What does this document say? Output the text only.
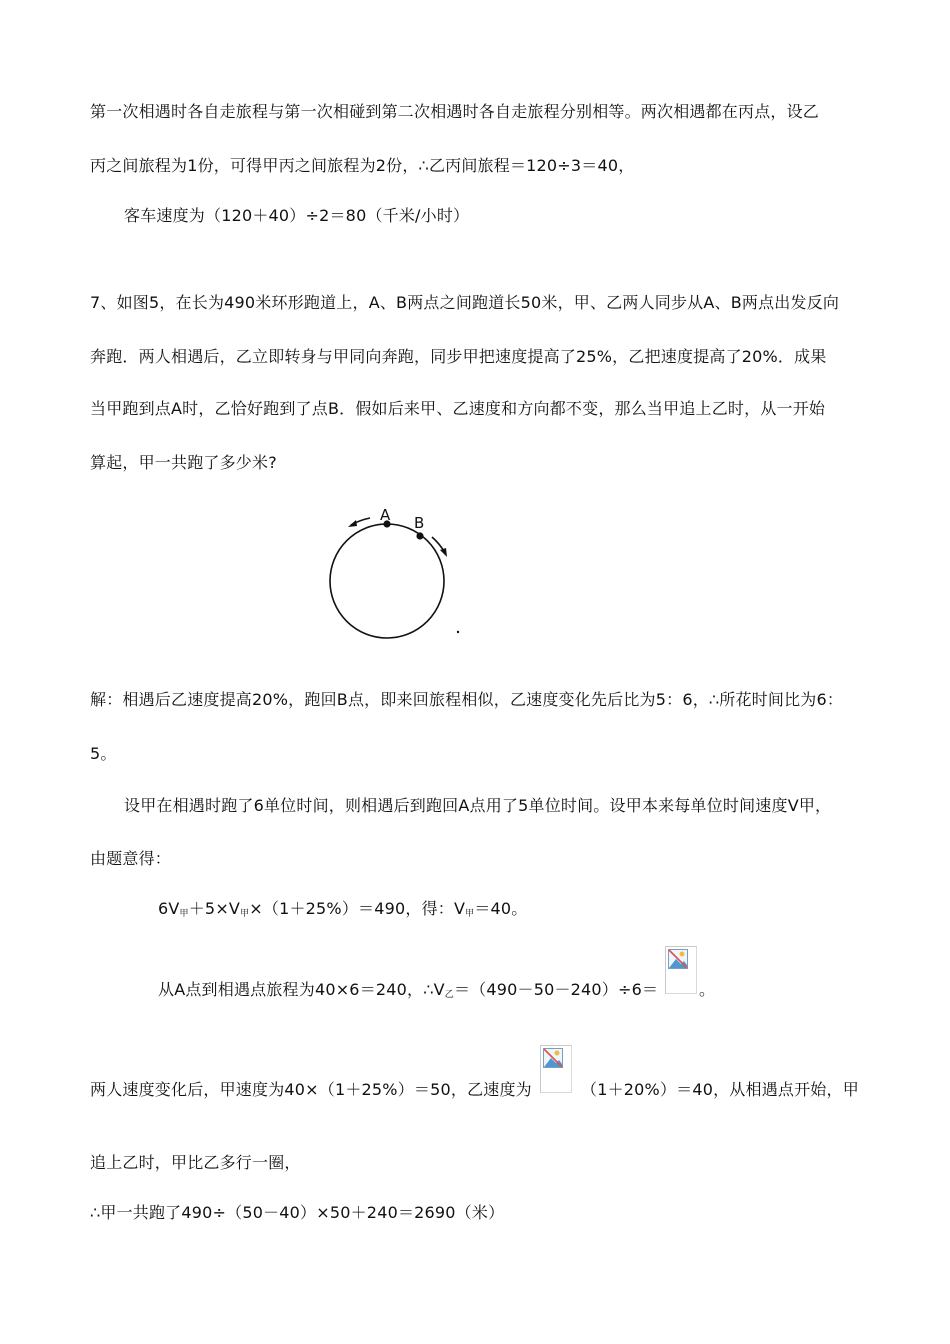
第一次相遇时各自走旅程与第一次相碰到第二次相遇时各自走旅程分别相等。两次相遇都在丙点，设乙
丙之间旅程为1份，可得甲丙之间旅程为2份，∴乙丙间旅程＝120÷3＝40，
客车速度为（120＋40）÷2＝80（千米/小时）
7、如图5，在长为490米环形跑道上，A、B两点之间跑道长50米，甲、乙两人同步从A、B两点出发反向
奔跑．两人相遇后，乙立即转身与甲同向奔跑，同步甲把速度提高了25%，乙把速度提高了20%．成果
当甲跑到点A时，乙恰好跑到了点B．假如后来甲、乙速度和方向都不变，那么当甲追上乙时，从一开始
算起，甲一共跑了多少米?
A B
解：相遇后乙速度提高20%，跑回B点，即来回旅程相似，乙速度变化先后比为5：6，∴所花时间比为6：
5。
设甲在相遇时跑了6单位时间，则相遇后到跑回A点用了5单位时间。设甲本来每单位时间速度V甲，
由题意得：
6V甲＋5×V甲×（1＋25%）＝490，得：V甲＝40。
从A点到相遇点旅程为40×6＝240，∴V乙＝（490－50－240）÷6＝	。
两人速度变化后，甲速度为40×（1＋25%）＝50，乙速度为	（1＋20%）＝40，从相遇点开始，甲
追上乙时，甲比乙多行一圈，
∴甲一共跑了490÷（50－40）×50＋240＝2690（米）
